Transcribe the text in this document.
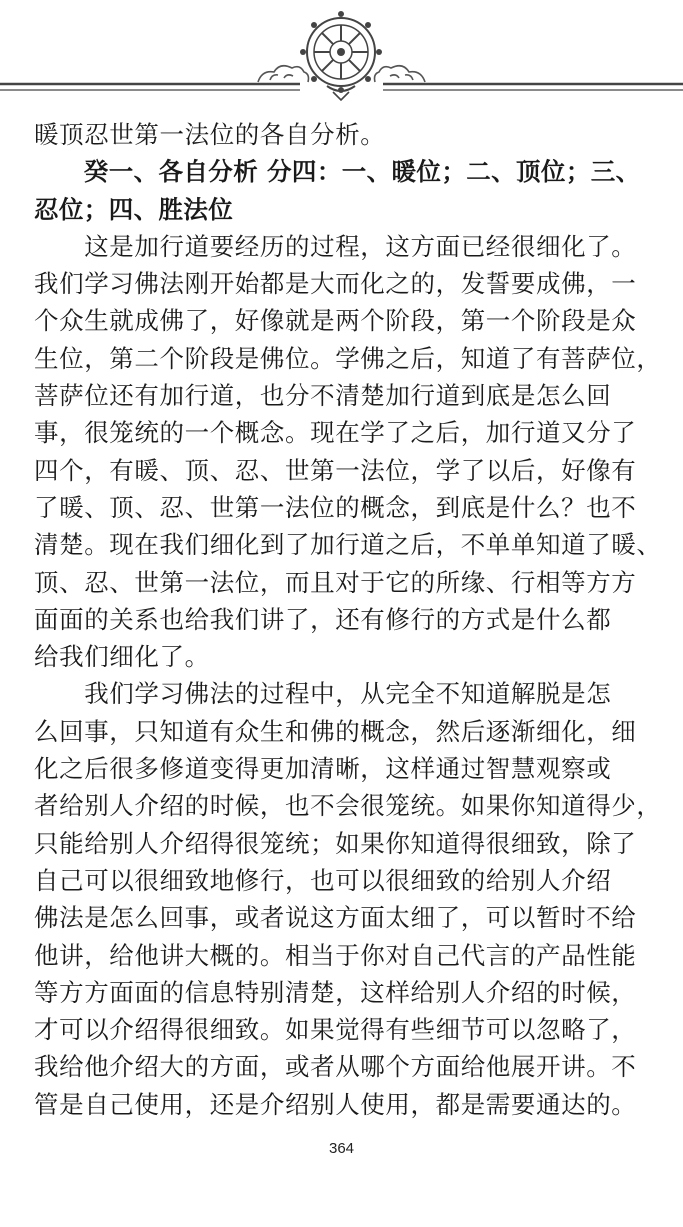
暖顶忍世第一法位的各自分析。
　　癸一、各自分析 分四：一、暖位；二、顶位；三、
忍位；四、胜法位
　　这是加行道要经历的过程，这方面已经很细化了。
我们学习佛法刚开始都是大而化之的，发誓要成佛，一
个众生就成佛了，好像就是两个阶段，第一个阶段是众
生位，第二个阶段是佛位。学佛之后，知道了有菩萨位，
菩萨位还有加行道，也分不清楚加行道到底是怎么回
事，很笼统的一个概念。现在学了之后，加行道又分了
四个，有暖、顶、忍、世第一法位，学了以后，好像有
了暖、顶、忍、世第一法位的概念，到底是什么？也不
清楚。现在我们细化到了加行道之后，不单单知道了暖、
顶、忍、世第一法位，而且对于它的所缘、行相等方方
面面的关系也给我们讲了，还有修行的方式是什么都
给我们细化了。
　　我们学习佛法的过程中，从完全不知道解脱是怎
么回事，只知道有众生和佛的概念，然后逐渐细化，细
化之后很多修道变得更加清晰，这样通过智慧观察或
者给别人介绍的时候，也不会很笼统。如果你知道得少，
只能给别人介绍得很笼统；如果你知道得很细致，除了
自己可以很细致地修行，也可以很细致的给别人介绍
佛法是怎么回事，或者说这方面太细了，可以暂时不给
他讲，给他讲大概的。相当于你对自己代言的产品性能
等方方面面的信息特别清楚，这样给别人介绍的时候，
才可以介绍得很细致。如果觉得有些细节可以忽略了，
我给他介绍大的方面，或者从哪个方面给他展开讲。不
管是自己使用，还是介绍别人使用，都是需要通达的。
364
